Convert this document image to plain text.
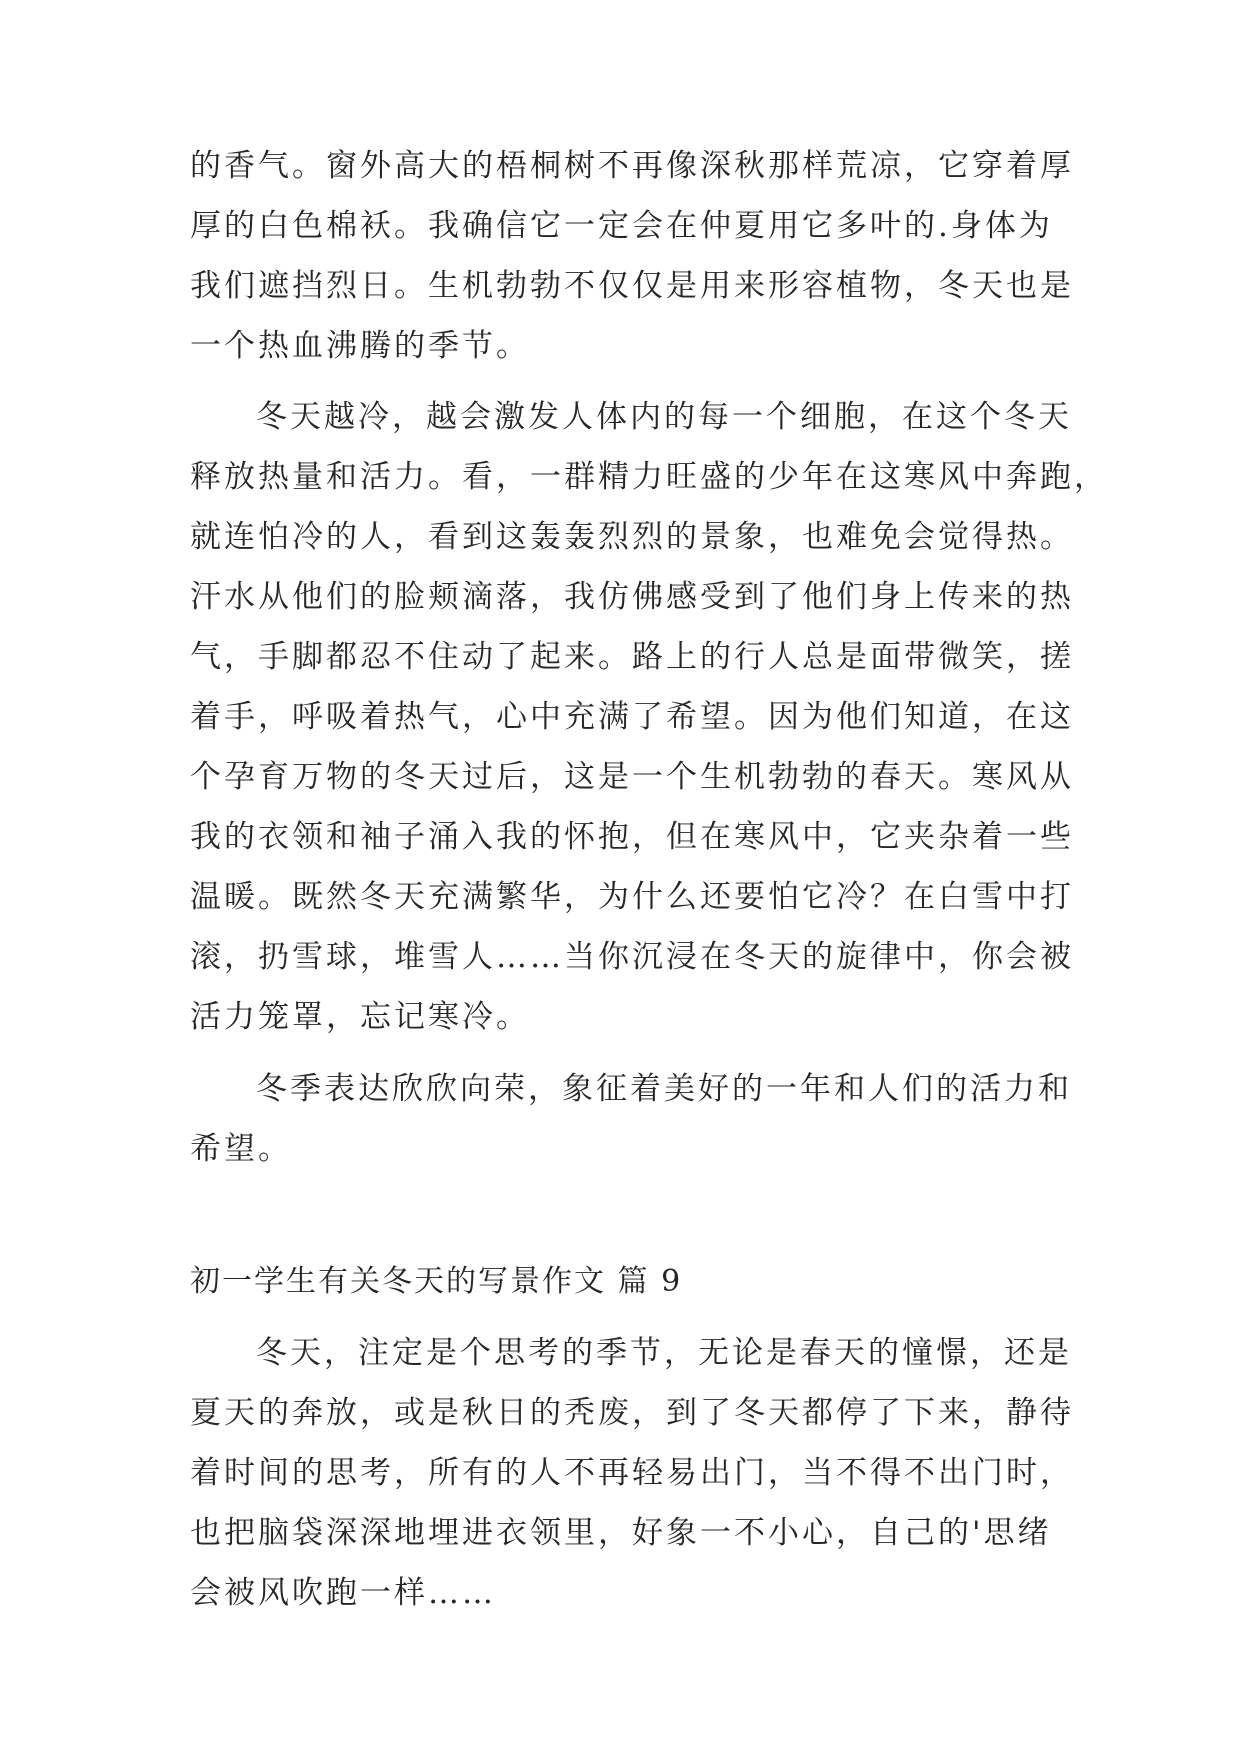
的香气。窗外高大的梧桐树不再像深秋那样荒凉，它穿着厚
厚的白色棉袄。我确信它一定会在仲夏用它多叶的.身体为
我们遮挡烈日。生机勃勃不仅仅是用来形容植物，冬天也是
一个热血沸腾的季节。
冬天越冷，越会激发人体内的每一个细胞，在这个冬天
释放热量和活力。看，一群精力旺盛的少年在这寒风中奔跑，
就连怕冷的人，看到这轰轰烈烈的景象，也难免会觉得热。
汗水从他们的脸颊滴落，我仿佛感受到了他们身上传来的热
气，手脚都忍不住动了起来。路上的行人总是面带微笑，搓
着手，呼吸着热气，心中充满了希望。因为他们知道，在这
个孕育万物的冬天过后，这是一个生机勃勃的春天。寒风从
我的衣领和袖子涌入我的怀抱，但在寒风中，它夹杂着一些
温暖。既然冬天充满繁华，为什么还要怕它冷？在白雪中打
滚，扔雪球，堆雪人……当你沉浸在冬天的旋律中，你会被
活力笼罩，忘记寒冷。
冬季表达欣欣向荣，象征着美好的一年和人们的活力和
希望。
初一学生有关冬天的写景作文 篇 9
冬天，注定是个思考的季节，无论是春天的憧憬，还是
夏天的奔放，或是秋日的秃废，到了冬天都停了下来，静待
着时间的思考，所有的人不再轻易出门，当不得不出门时，
也把脑袋深深地埋进衣领里，好象一不小心，自己的'思绪
会被风吹跑一样……
